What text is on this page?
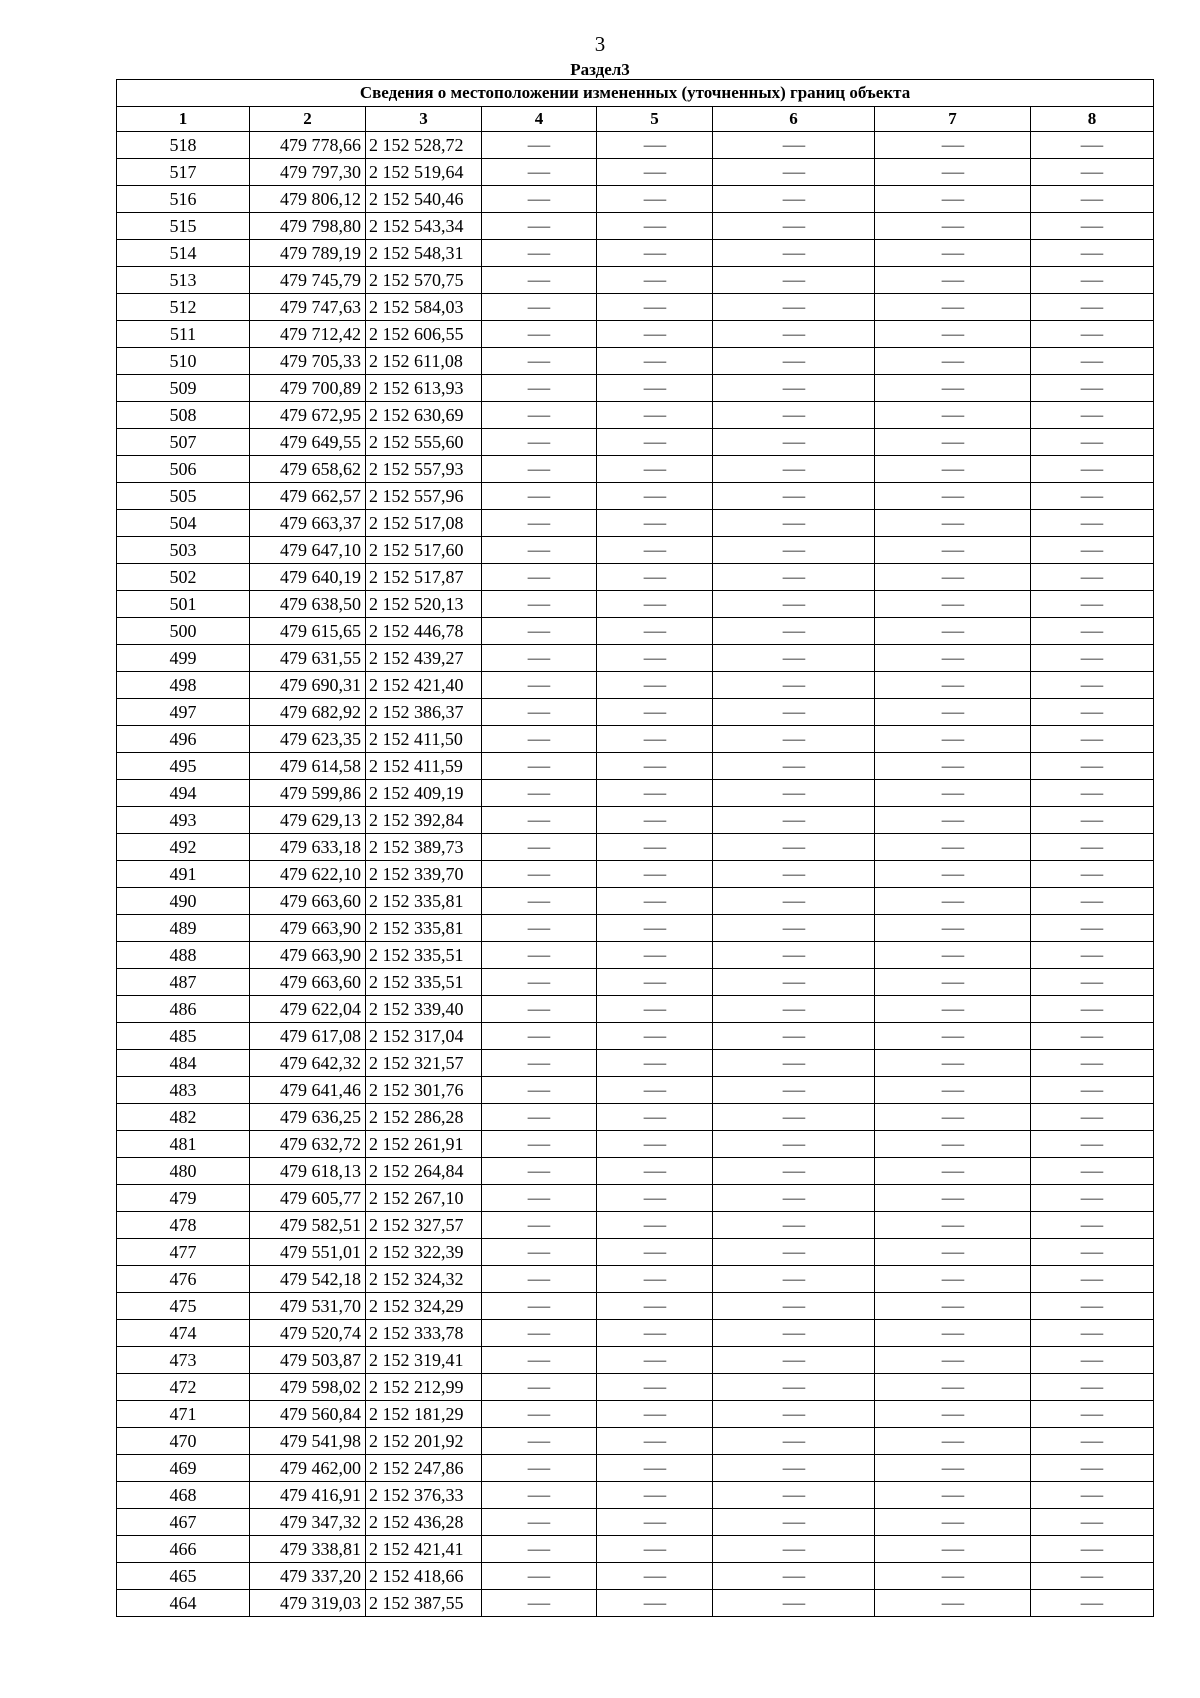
3
Раздел3
Сведения о местоположении измененных (уточненных) границ объекта							
1	2	3	4	5	6	7	8
518	479 778,66	2 152 528,72	—	—	—	—	—
517	479 797,30	2 152 519,64	—	—	—	—	—
516	479 806,12	2 152 540,46	—	—	—	—	—
515	479 798,80	2 152 543,34	—	—	—	—	—
514	479 789,19	2 152 548,31	—	—	—	—	—
513	479 745,79	2 152 570,75	—	—	—	—	—
512	479 747,63	2 152 584,03	—	—	—	—	—
511	479 712,42	2 152 606,55	—	—	—	—	—
510	479 705,33	2 152 611,08	—	—	—	—	—
509	479 700,89	2 152 613,93	—	—	—	—	—
508	479 672,95	2 152 630,69	—	—	—	—	—
507	479 649,55	2 152 555,60	—	—	—	—	—
506	479 658,62	2 152 557,93	—	—	—	—	—
505	479 662,57	2 152 557,96	—	—	—	—	—
504	479 663,37	2 152 517,08	—	—	—	—	—
503	479 647,10	2 152 517,60	—	—	—	—	—
502	479 640,19	2 152 517,87	—	—	—	—	—
501	479 638,50	2 152 520,13	—	—	—	—	—
500	479 615,65	2 152 446,78	—	—	—	—	—
499	479 631,55	2 152 439,27	—	—	—	—	—
498	479 690,31	2 152 421,40	—	—	—	—	—
497	479 682,92	2 152 386,37	—	—	—	—	—
496	479 623,35	2 152 411,50	—	—	—	—	—
495	479 614,58	2 152 411,59	—	—	—	—	—
494	479 599,86	2 152 409,19	—	—	—	—	—
493	479 629,13	2 152 392,84	—	—	—	—	—
492	479 633,18	2 152 389,73	—	—	—	—	—
491	479 622,10	2 152 339,70	—	—	—	—	—
490	479 663,60	2 152 335,81	—	—	—	—	—
489	479 663,90	2 152 335,81	—	—	—	—	—
488	479 663,90	2 152 335,51	—	—	—	—	—
487	479 663,60	2 152 335,51	—	—	—	—	—
486	479 622,04	2 152 339,40	—	—	—	—	—
485	479 617,08	2 152 317,04	—	—	—	—	—
484	479 642,32	2 152 321,57	—	—	—	—	—
483	479 641,46	2 152 301,76	—	—	—	—	—
482	479 636,25	2 152 286,28	—	—	—	—	—
481	479 632,72	2 152 261,91	—	—	—	—	—
480	479 618,13	2 152 264,84	—	—	—	—	—
479	479 605,77	2 152 267,10	—	—	—	—	—
478	479 582,51	2 152 327,57	—	—	—	—	—
477	479 551,01	2 152 322,39	—	—	—	—	—
476	479 542,18	2 152 324,32	—	—	—	—	—
475	479 531,70	2 152 324,29	—	—	—	—	—
474	479 520,74	2 152 333,78	—	—	—	—	—
473	479 503,87	2 152 319,41	—	—	—	—	—
472	479 598,02	2 152 212,99	—	—	—	—	—
471	479 560,84	2 152 181,29	—	—	—	—	—
470	479 541,98	2 152 201,92	—	—	—	—	—
469	479 462,00	2 152 247,86	—	—	—	—	—
468	479 416,91	2 152 376,33	—	—	—	—	—
467	479 347,32	2 152 436,28	—	—	—	—	—
466	479 338,81	2 152 421,41	—	—	—	—	—
465	479 337,20	2 152 418,66	—	—	—	—	—
464	479 319,03	2 152 387,55	—	—	—	—	—
